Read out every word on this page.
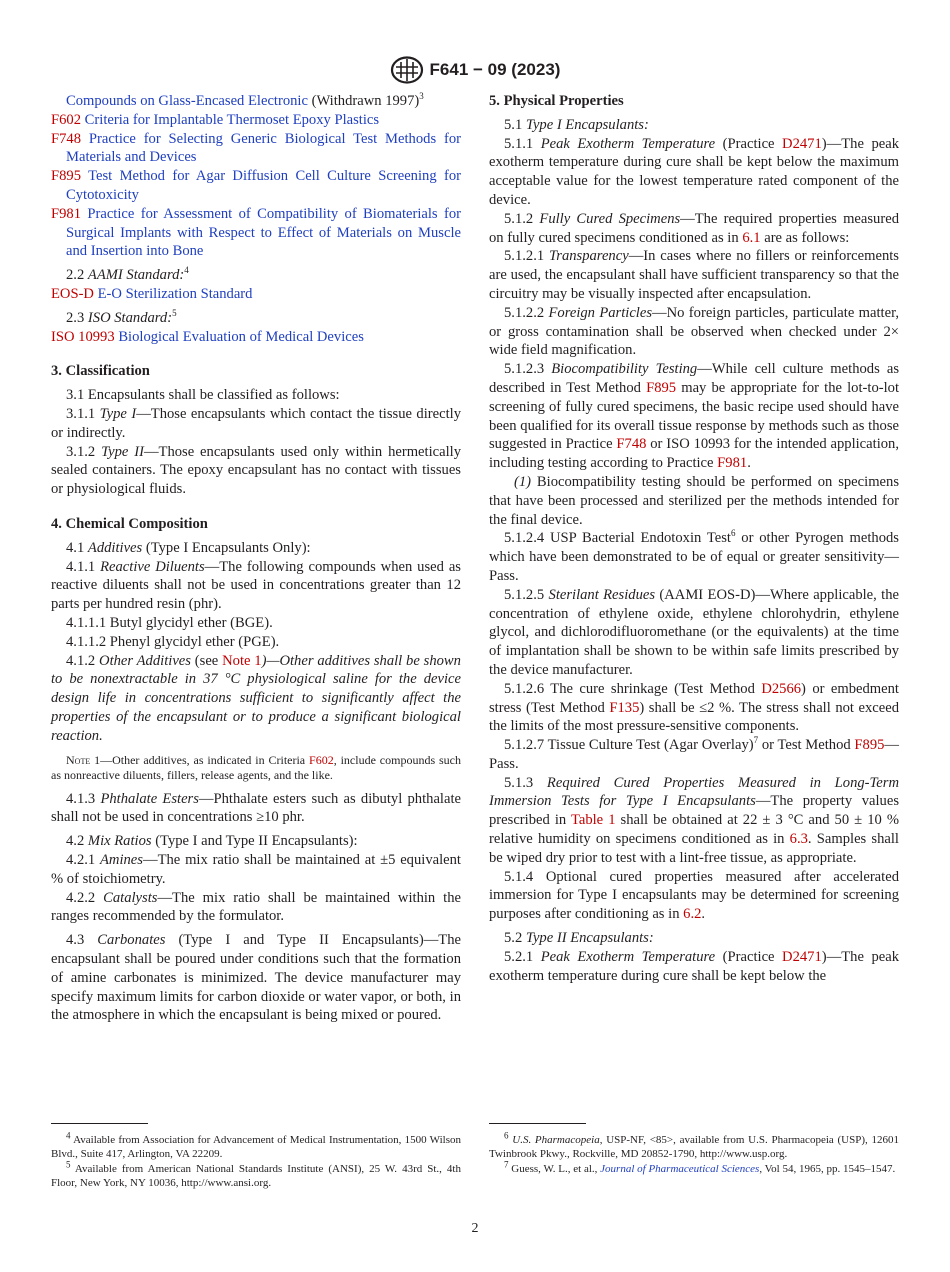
F641 − 09 (2023)

Compounds on Glass-Encased Electronic (Withdrawn 1997)$^3$

F602 Criteria for Implantable Thermoset Epoxy Plastics

F748 Practice for Selecting Generic Biological Test Methods for Materials and Devices

F895 Test Method for Agar Diffusion Cell Culture Screening for Cytotoxicity

F981 Practice for Assessment of Compatibility of Biomaterials for Surgical Implants with Respect to Effect of Materials on Muscle and Insertion into Bone

2.2 AAMI Standard:$^4$

EOS-D E-O Sterilization Standard

2.3 ISO Standard:$^5$

ISO 10993 Biological Evaluation of Medical Devices

3. Classification

3.1 Encapsulants shall be classified as follows:

3.1.1 Type I—Those encapsulants which contact the tissue directly or indirectly.

3.1.2 Type II—Those encapsulants used only within hermetically sealed containers. The epoxy encapsulant has no contact with tissues or physiological fluids.

4. Chemical Composition

4.1 Additives (Type I Encapsulants Only):

4.1.1 Reactive Diluents—The following compounds when used as reactive diluents shall not be used in concentrations greater than 12 parts per hundred resin (phr).

4.1.1.1 Butyl glycidyl ether (BGE).

4.1.1.2 Phenyl glycidyl ether (PGE).

4.1.2 Other Additives (see Note 1)—Other additives shall be shown to be nonextractable in 37 °C physiological saline for the device design life in concentrations sufficient to significantly affect the properties of the encapsulant or to produce a significant biological reaction.

Note 1—Other additives, as indicated in Criteria F602, include compounds such as nonreactive diluents, fillers, release agents, and the like.

4.1.3 Phthalate Esters—Phthalate esters such as dibutyl phthalate shall not be used in concentrations ≥10 phr.

4.2 Mix Ratios (Type I and Type II Encapsulants):

4.2.1 Amines—The mix ratio shall be maintained at ±5 equivalent % of stoichiometry.

4.2.2 Catalysts—The mix ratio shall be maintained within the ranges recommended by the formulator.

4.3 Carbonates (Type I and Type II Encapsulants)—The encapsulant shall be poured under conditions such that the formation of amine carbonates is minimized. The device manufacturer may specify maximum limits for carbon dioxide or water vapor, or both, in the atmosphere in which the encapsulant is being mixed or poured.

5. Physical Properties

5.1 Type I Encapsulants:

5.1.1 Peak Exotherm Temperature (Practice D2471)—The peak exotherm temperature during cure shall be kept below the maximum acceptable value for the lowest temperature rated component of the device.

5.1.2 Fully Cured Specimens—The required properties measured on fully cured specimens conditioned as in 6.1 are as follows:

5.1.2.1 Transparency—In cases where no fillers or reinforcements are used, the encapsulant shall have sufficient transparency so that the circuitry may be visually inspected after encapsulation.

5.1.2.2 Foreign Particles—No foreign particles, particulate matter, or gross contamination shall be observed when checked under 2× wide field magnification.

5.1.2.3 Biocompatibility Testing—While cell culture methods as described in Test Method F895 may be appropriate for the lot-to-lot screening of fully cured specimens, the basic recipe used should have been qualified for its overall tissue response by methods such as those suggested in Practice F748 or ISO 10993 for the intended application, including testing according to Practice F981.

(1) Biocompatibility testing should be performed on specimens that have been processed and sterilized per the methods intended for the final device.

5.1.2.4 USP Bacterial Endotoxin Test$^6$ or other Pyrogen methods which have been demonstrated to be of equal or greater sensitivity—Pass.

5.1.2.5 Sterilant Residues (AAMI EOS-D)—Where applicable, the concentration of ethylene oxide, ethylene chlorohydrin, ethylene glycol, and dichlorodifluoromethane (or the equivalents) at the time of implantation shall be shown to be within safe limits prescribed by the device manufacturer.

5.1.2.6 The cure shrinkage (Test Method D2566) or embedment stress (Test Method F135) shall be ≤2 %. The stress shall not exceed the limits of the most pressure-sensitive components.

5.1.2.7 Tissue Culture Test (Agar Overlay)$^7$ or Test Method F895—Pass.

5.1.3 Required Cured Properties Measured in Long-Term Immersion Tests for Type I Encapsulants—The property values prescribed in Table 1 shall be obtained at 22 ± 3 °C and 50 ± 10 % relative humidity on specimens conditioned as in 6.3. Samples shall be wiped dry prior to test with a lint-free tissue, as appropriate.

5.1.4 Optional cured properties measured after accelerated immersion for Type I encapsulants may be determined for screening purposes after conditioning as in 6.2.

5.2 Type II Encapsulants:

5.2.1 Peak Exotherm Temperature (Practice D2471)—The peak exotherm temperature during cure shall be kept below the

$^4$ Available from Association for Advancement of Medical Instrumentation, 1500 Wilson Blvd., Suite 417, Arlington, VA 22209.

$^5$ Available from American National Standards Institute (ANSI), 25 W. 43rd St., 4th Floor, New York, NY 10036, http://www.ansi.org.

$^6$ U.S. Pharmacopeia, USP-NF, <85>, available from U.S. Pharmacopeia (USP), 12601 Twinbrook Pkwy., Rockville, MD 20852-1790, http://www.usp.org.

$^7$ Guess, W. L., et al., Journal of Pharmaceutical Sciences, Vol 54, 1965, pp. 1545–1547.

2
